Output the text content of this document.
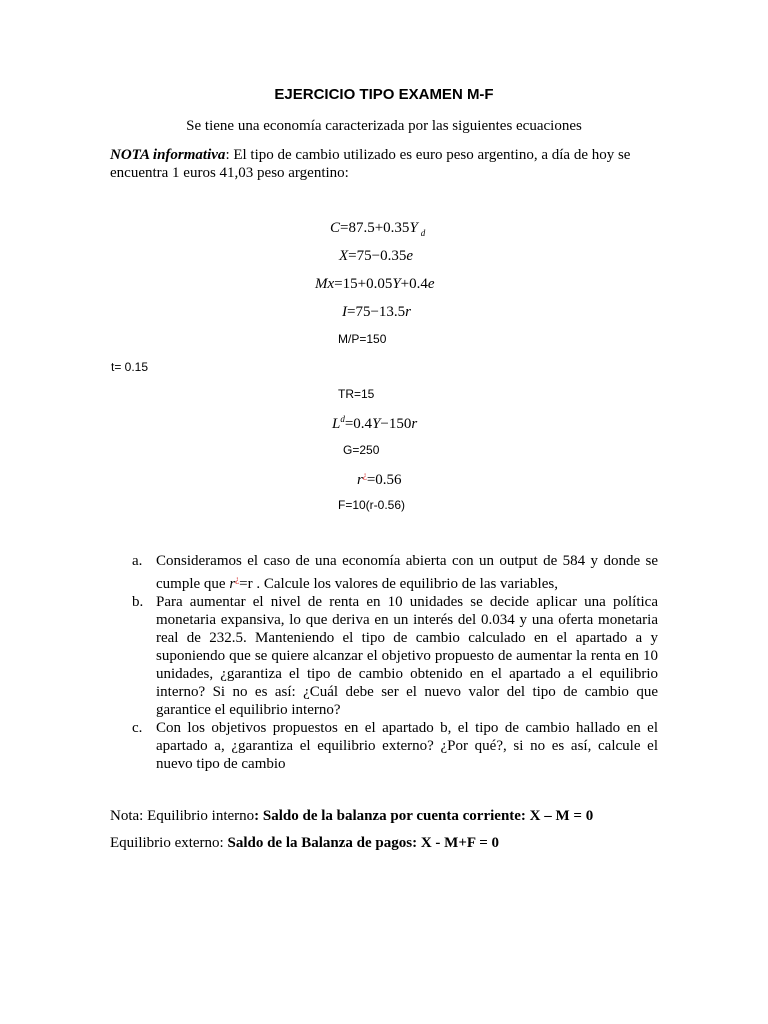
EJERCICIO TIPO EXAMEN M-F
Se tiene una economía caracterizada por las siguientes ecuaciones
NOTA informativa: El tipo de cambio utilizado es euro peso argentino, a día de hoy se encuentra 1 euros 41,03 peso argentino:
C=87.5+0.35Y $_d$
X=75−0.35e
Mx=15+0.05Y+0.4e
I=75−13.5r
M/P=150
t= 0.15
TR=15
$L^d=0.4Y-150r$
G=250
r¿=0.56
F=10(r-0.56)
a. Consideramos el caso de una economía abierta con un output de 584 y donde se cumple que r¿=r . Calcule los valores de equilibrio de las variables,
b. Para aumentar el nivel de renta en 10 unidades se decide aplicar una política monetaria expansiva, lo que deriva en un interés del 0.034 y una oferta monetaria real de 232.5. Manteniendo el tipo de cambio calculado en el apartado a y suponiendo que se quiere alcanzar el objetivo propuesto de aumentar la renta en 10 unidades, ¿garantiza el tipo de cambio obtenido en el apartado a el equilibrio interno? Si no es así: ¿Cuál debe ser el nuevo valor del tipo de cambio que garantice el equilibrio interno?
c. Con los objetivos propuestos en el apartado b, el tipo de cambio hallado en el apartado a, ¿garantiza el equilibrio externo? ¿Por qué?, si no es así, calcule el nuevo tipo de cambio
Nota: Equilibrio interno: Saldo de la balanza por cuenta corriente: X – M = 0
Equilibrio externo: Saldo de la Balanza de pagos: X - M+F = 0
